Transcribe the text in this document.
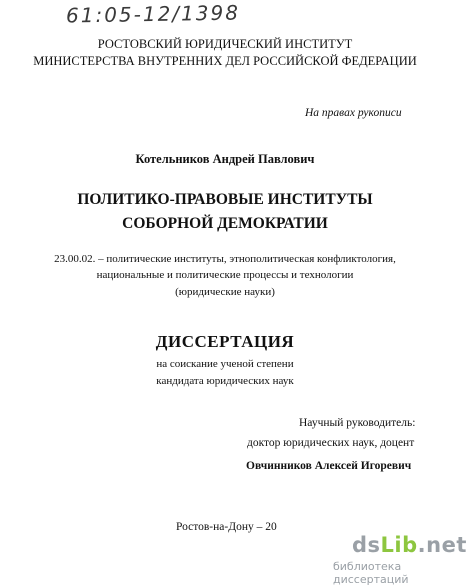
61:05-12/1398
РОСТОВСКИЙ ЮРИДИЧЕСКИЙ ИНСТИТУТ
МИНИСТЕРСТВА ВНУТРЕННИХ ДЕЛ РОССИЙСКОЙ ФЕДЕРАЦИИ
На правах рукописи
Котельников Андрей Павлович
ПОЛИТИКО-ПРАВОВЫЕ ИНСТИТУТЫ
СОБОРНОЙ ДЕМОКРАТИИ
23.00.02. – политические институты, этнополитическая конфликтология,
национальные и политические процессы и технологии
(юридические науки)
ДИССЕРТАЦИЯ
на соискание ученой степени
кандидата юридических наук
Научный руководитель:
доктор юридических наук, доцент
Овчинников Алексей Игоревич
Ростов-на-Дону – 20
dsLib.net
библиотека диссертаций
